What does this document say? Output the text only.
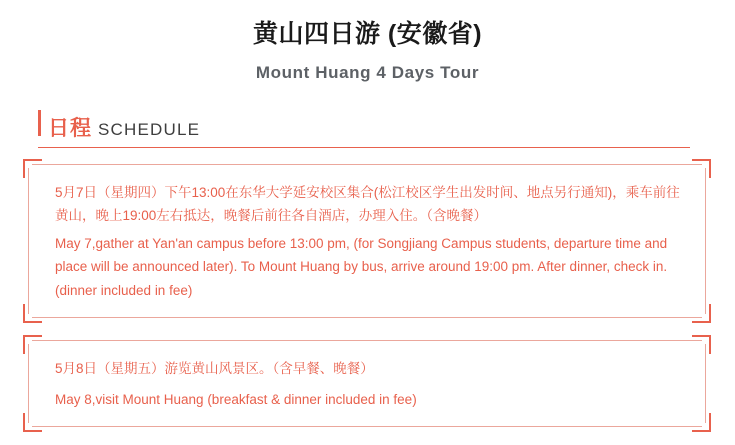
黄山四日游 (安徽省)
Mount Huang 4 Days Tour
日程 SCHEDULE

5月7日（星期四）下午13:00在东华大学延安校区集合(松江校区学生出发时间、地点另行通知)，乘车前往黄山，晚上19:00左右抵达，晚餐后前往各自酒店，办理入住。（含晚餐）

May 7,gather at Yan'an campus before 13:00 pm, (for Songjiang Campus students, departure time and place will be announced later). To Mount Huang by bus, arrive around 19:00 pm. After dinner, check in. (dinner included in fee)

5月8日（星期五）游览黄山风景区。（含早餐、晚餐）

May 8,visit Mount Huang (breakfast & dinner included in fee)
